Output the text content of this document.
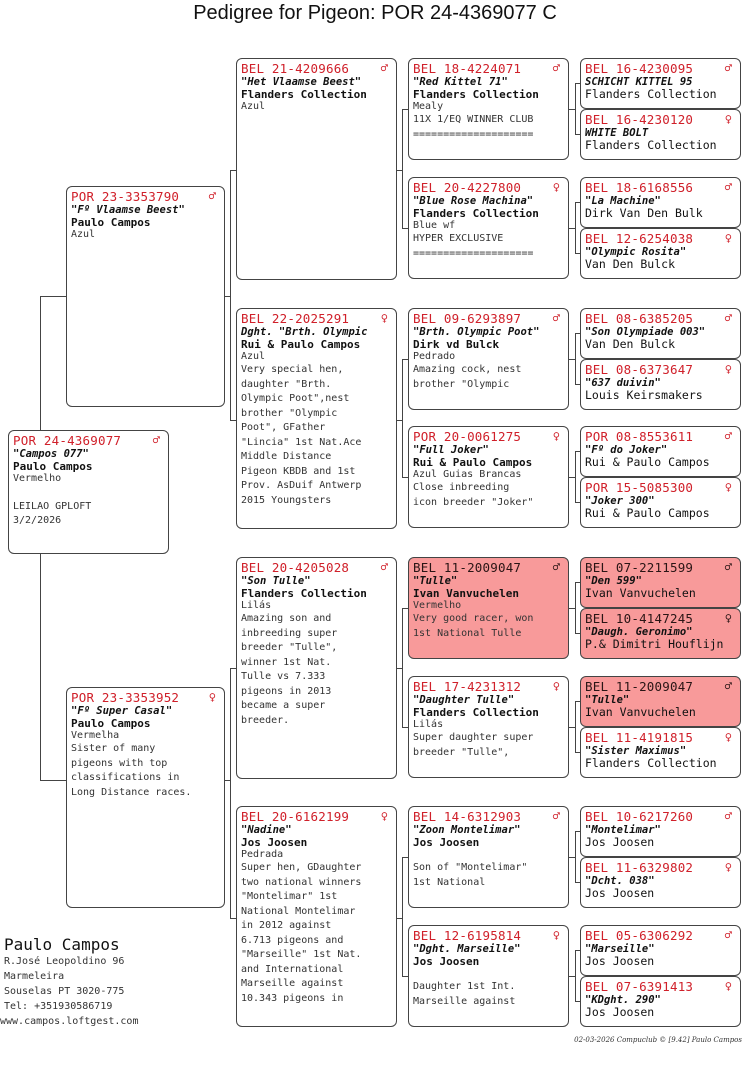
Pedigree for Pigeon: POR 24-4369077 C
POR 24-4369077	♂
"Campos 077"
Paulo Campos
Vermelho

LEILAO GPLOFT
3/2/2026
POR 23-3353790	♂
"Fº Vlaamse Beest"
Paulo Campos
Azul
POR 23-3353952	♀
"Fº Super Casal"
Paulo Campos
Vermelha
Sister of many
pigeons with top
classifications in
Long Distance races.
BEL 21-4209666	♂
"Het Vlaamse Beest"
Flanders Collection
Azul
BEL 22-2025291	♀
Dght. "Brth. Olympic
Rui & Paulo Campos
Azul
Very special hen,
daughter "Brth.
Olympic Poot",nest
brother "Olympic
Poot", GFather
"Lincia" 1st Nat.Ace
Middle Distance
Pigeon KBDB and 1st
Prov. AsDuif Antwerp
2015 Youngsters
BEL 20-4205028	♂
"Son Tulle"
Flanders Collection
Lilás
Amazing son and
inbreeding super
breeder "Tulle",
winner 1st Nat.
Tulle vs 7.333
pigeons in 2013
became a super
breeder.
BEL 20-6162199	♀
"Nadine"
Jos Joosen
Pedrada
Super hen, GDaughter
two national winners
"Montelimar" 1st
National Montelimar
in 2012 against
6.713 pigeons and
"Marseille" 1st Nat.
and International
Marseille against
10.343 pigeons in
BEL 18-4224071	♂
"Red Kittel 71"
Flanders Collection
Mealy
11X 1/EQ WINNER CLUB
====================
BEL 20-4227800	♀
"Blue Rose Machina"
Flanders Collection
Blue wf
HYPER EXCLUSIVE
====================
BEL 09-6293897	♂
"Brth. Olympic Poot"
Dirk vd Bulck
Pedrado
Amazing cock, nest
brother "Olympic
POR 20-0061275	♀
"Full Joker"
Rui & Paulo Campos
Azul Guias Brancas
Close inbreeding
icon breeder "Joker"
BEL 11-2009047	♂
"Tulle"
Ivan Vanvuchelen
Vermelho
Very good racer, won
1st National Tulle
BEL 17-4231312	♀
"Daughter Tulle"
Flanders Collection
Lilás
Super daughter super
breeder "Tulle",
BEL 14-6312903	♂
"Zoon Montelimar"
Jos Joosen

Son of "Montelimar"
1st National
BEL 12-6195814	♀
"Dght. Marseille"
Jos Joosen

Daughter 1st Int.
Marseille against
BEL 16-4230095	♂
SCHICHT KITTEL 95
Flanders Collection
BEL 16-4230120	♀
WHITE BOLT
Flanders Collection
BEL 18-6168556	♂
"La Machine"
Dirk Van Den Bulk
BEL 12-6254038	♀
"Olympic Rosita"
Van Den Bulck
BEL 08-6385205	♂
"Son Olympiade 003"
Van Den Bulck
BEL 08-6373647	♀
"637 duivin"
Louis Keirsmakers
POR 08-8553611	♂
"Fº do Joker"
Rui & Paulo Campos
POR 15-5085300	♀
"Joker 300"
Rui & Paulo Campos
BEL 07-2211599	♂
"Den 599"
Ivan Vanvuchelen
BEL 10-4147245	♀
"Daugh. Geronimo"
P.& Dimitri Houflijn
BEL 11-2009047	♂
"Tulle"
Ivan Vanvuchelen
BEL 11-4191815	♀
"Sister Maximus"
Flanders Collection
BEL 10-6217260	♂
"Montelimar"
Jos Joosen
BEL 11-6329802	♀
"Dcht. 038"
Jos Joosen
BEL 05-6306292	♂
"Marseille"
Jos Joosen
BEL 07-6391413	♀
"KDght. 290"
Jos Joosen
Paulo Campos
R.José Leopoldino 96
Marmeleira
Souselas PT 3020-775
Tel: +351930586719
www.campos.loftgest.com
02-03-2026 Compuclub © [9.42] Paulo Campos
